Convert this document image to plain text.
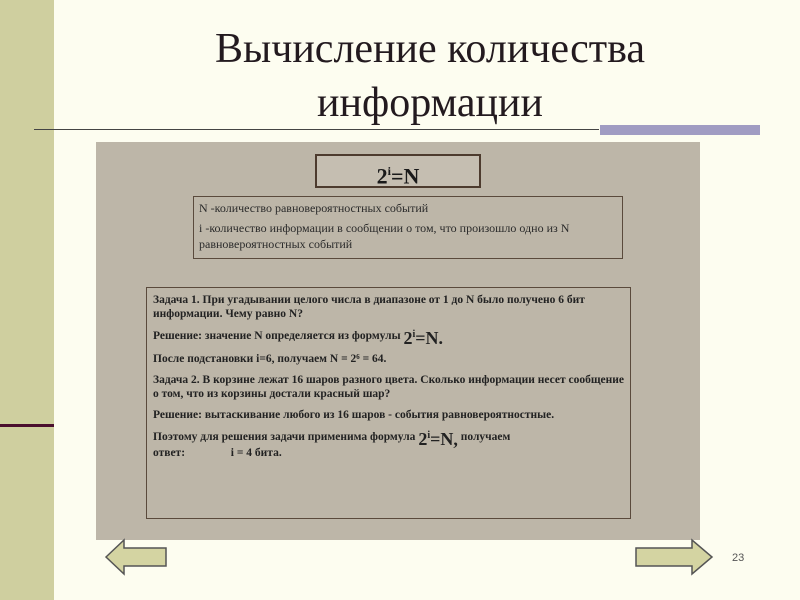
Вычисление количества
информации
$2^i=N$
N -количество равновероятностных событий
i -количество информации в сообщении о том, что произошло одно из N равновероятностных событий

Задача 1. При угадывании целого числа в диапазоне от 1 до N было получено 6 бит информации. Чему равно N?

Решение: значение N определяется из формулы $2^i=N$.

После подстановки i=6, получаем N = 2⁶ = 64.

Задача 2. В корзине лежат 16 шаров разного цвета. Сколько информации несет сообщение о том, что из корзины достали красный шар?

Решение: вытаскивание любого из 16 шаров - события равновероятностные.

Поэтому для решения задачи применима формула $2^i=N$, получаем
ответ:	i = 4 бита.

23
